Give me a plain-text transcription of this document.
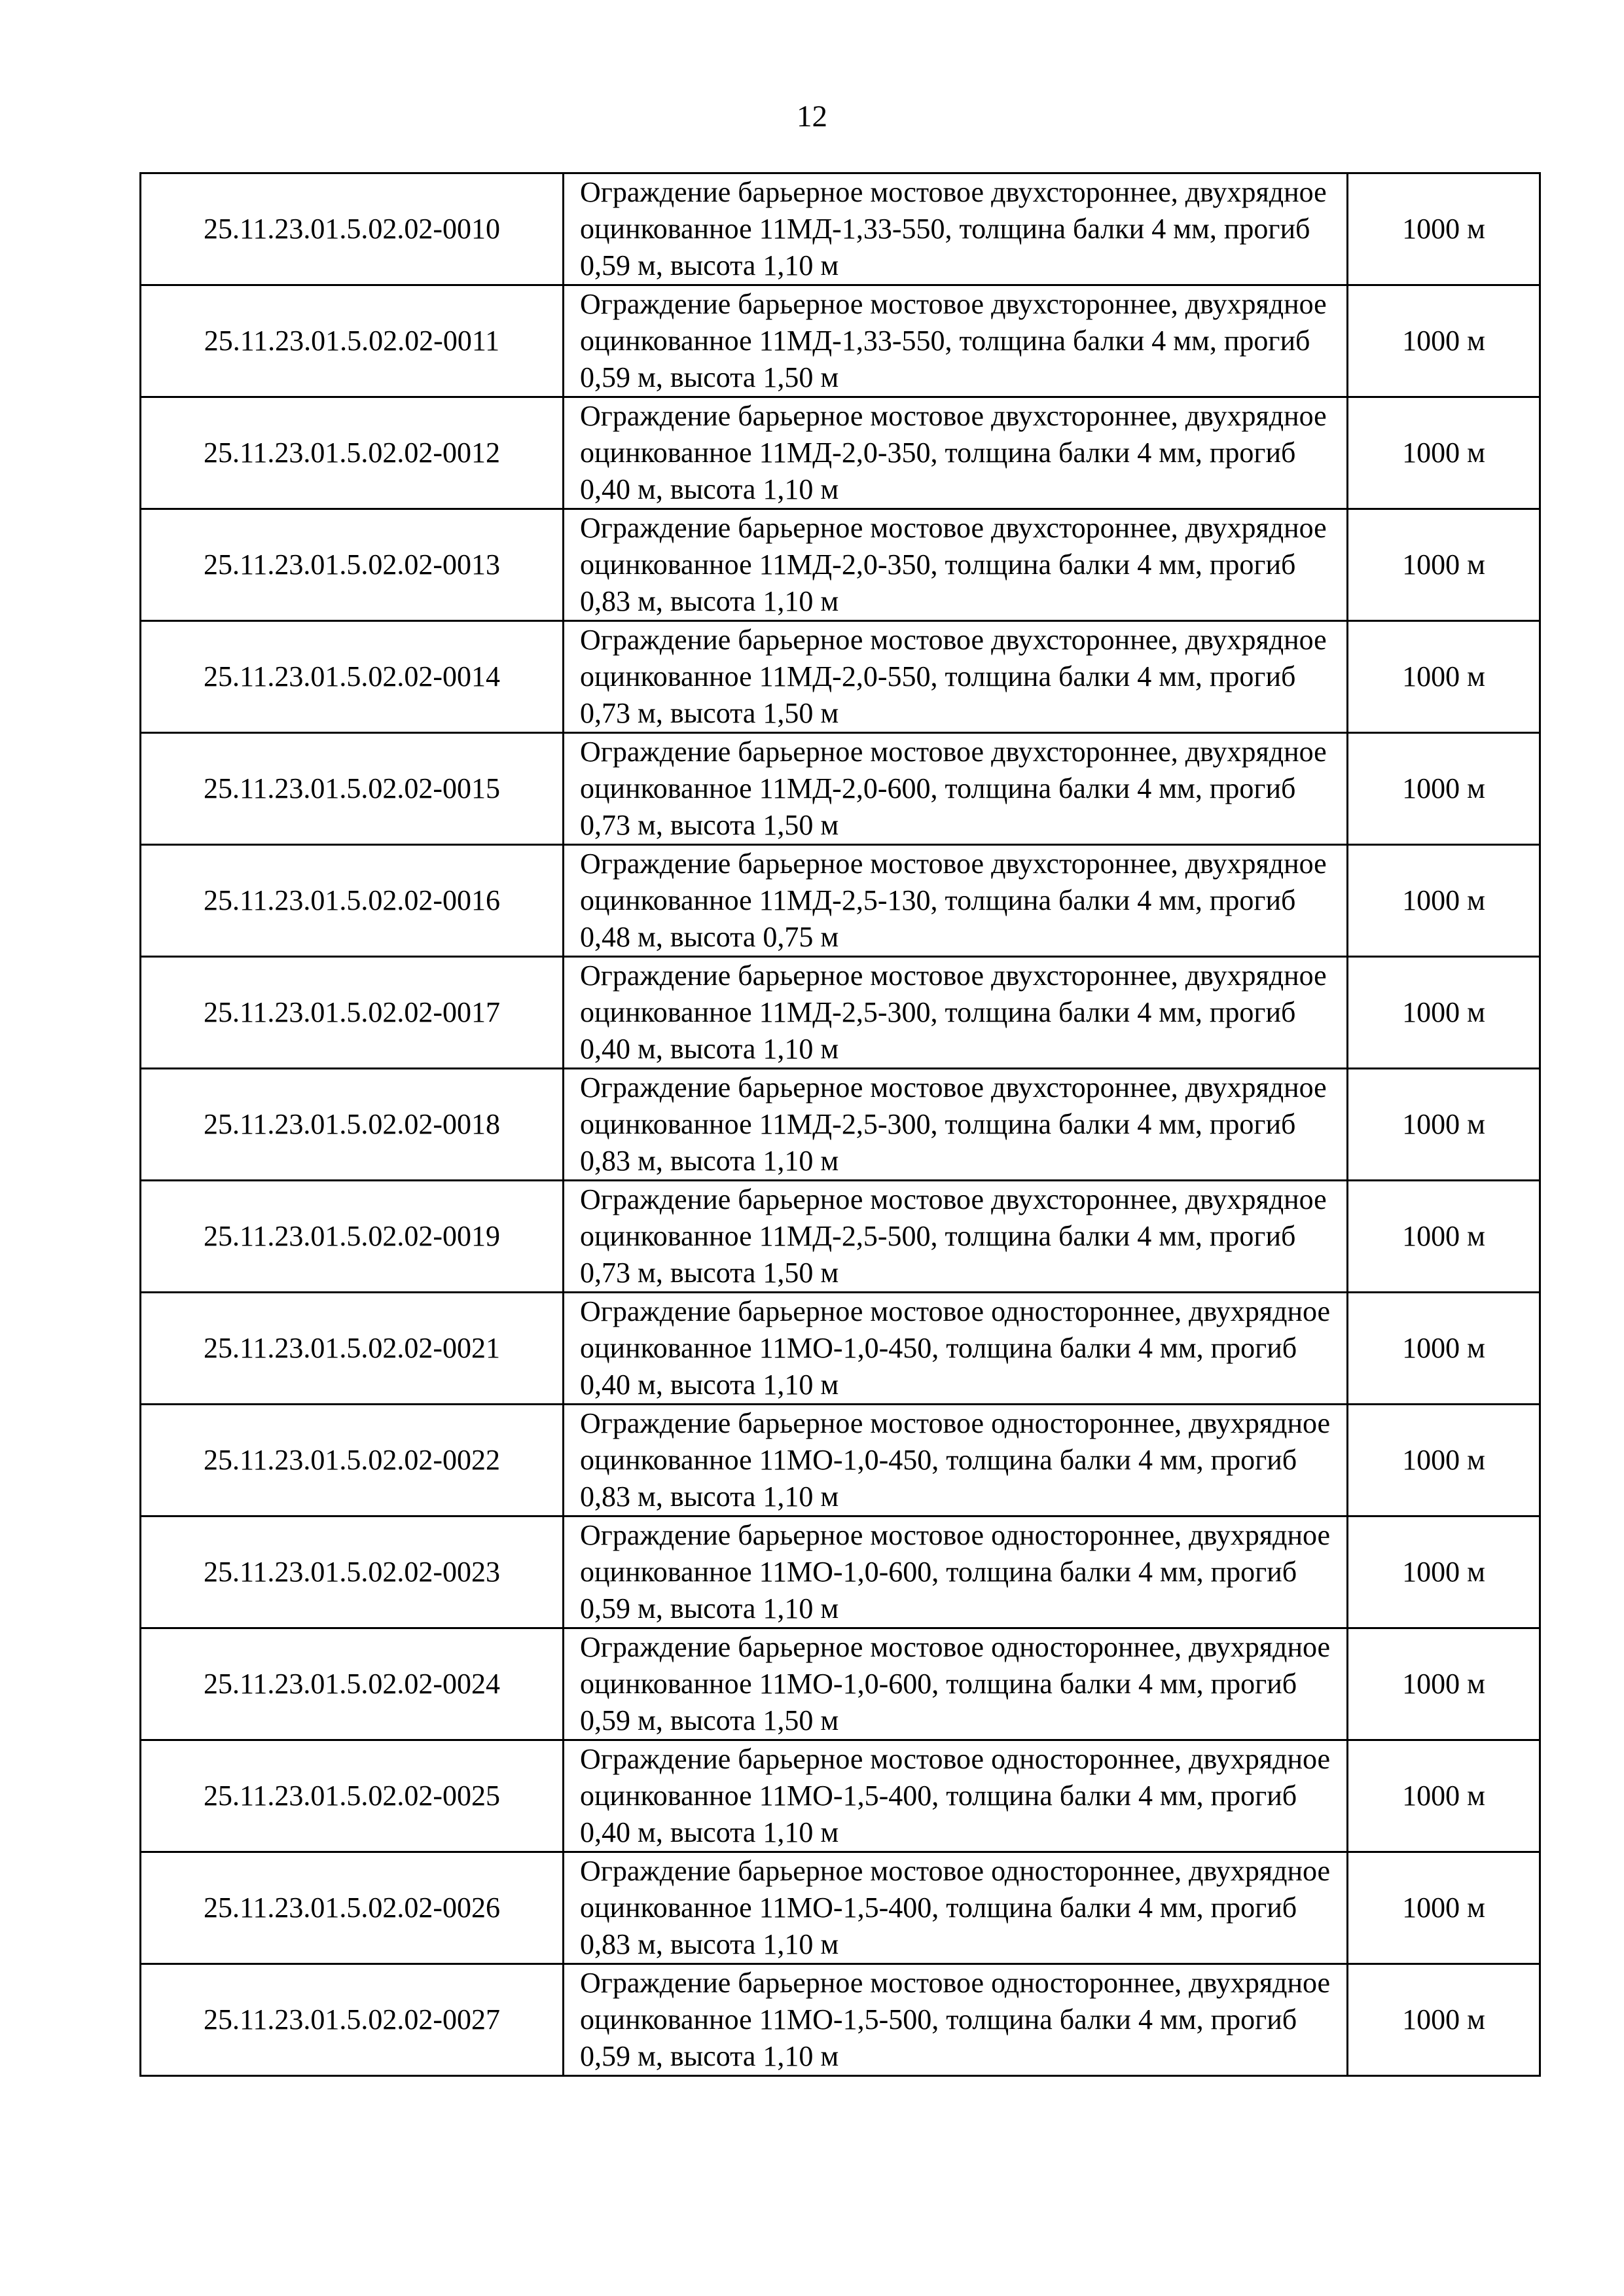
12
25.11.23.01.5.02.02-0010	Ограждение барьерное мостовое двухстороннее, двухрядное оцинкованное 11МД-1,33-550, толщина балки 4 мм, прогиб 0,59 м, высота 1,10 м	1000 м
25.11.23.01.5.02.02-0011	Ограждение барьерное мостовое двухстороннее, двухрядное оцинкованное 11МД-1,33-550, толщина балки 4 мм, прогиб 0,59 м, высота 1,50 м	1000 м
25.11.23.01.5.02.02-0012	Ограждение барьерное мостовое двухстороннее, двухрядное оцинкованное 11МД-2,0-350, толщина балки 4 мм, прогиб 0,40 м, высота 1,10 м	1000 м
25.11.23.01.5.02.02-0013	Ограждение барьерное мостовое двухстороннее, двухрядное оцинкованное 11МД-2,0-350, толщина балки 4 мм, прогиб 0,83 м, высота 1,10 м	1000 м
25.11.23.01.5.02.02-0014	Ограждение барьерное мостовое двухстороннее, двухрядное оцинкованное 11МД-2,0-550, толщина балки 4 мм, прогиб 0,73 м, высота 1,50 м	1000 м
25.11.23.01.5.02.02-0015	Ограждение барьерное мостовое двухстороннее, двухрядное оцинкованное 11МД-2,0-600, толщина балки 4 мм, прогиб 0,73 м, высота 1,50 м	1000 м
25.11.23.01.5.02.02-0016	Ограждение барьерное мостовое двухстороннее, двухрядное оцинкованное 11МД-2,5-130, толщина балки 4 мм, прогиб 0,48 м, высота 0,75 м	1000 м
25.11.23.01.5.02.02-0017	Ограждение барьерное мостовое двухстороннее, двухрядное оцинкованное 11МД-2,5-300, толщина балки 4 мм, прогиб 0,40 м, высота 1,10 м	1000 м
25.11.23.01.5.02.02-0018	Ограждение барьерное мостовое двухстороннее, двухрядное оцинкованное 11МД-2,5-300, толщина балки 4 мм, прогиб 0,83 м, высота 1,10 м	1000 м
25.11.23.01.5.02.02-0019	Ограждение барьерное мостовое двухстороннее, двухрядное оцинкованное 11МД-2,5-500, толщина балки 4 мм, прогиб 0,73 м, высота 1,50 м	1000 м
25.11.23.01.5.02.02-0021	Ограждение барьерное мостовое одностороннее, двухрядное оцинкованное 11МО-1,0-450, толщина балки 4 мм, прогиб 0,40 м, высота 1,10 м	1000 м
25.11.23.01.5.02.02-0022	Ограждение барьерное мостовое одностороннее, двухрядное оцинкованное 11МО-1,0-450, толщина балки 4 мм, прогиб 0,83 м, высота 1,10 м	1000 м
25.11.23.01.5.02.02-0023	Ограждение барьерное мостовое одностороннее, двухрядное оцинкованное 11МО-1,0-600, толщина балки 4 мм, прогиб 0,59 м, высота 1,10 м	1000 м
25.11.23.01.5.02.02-0024	Ограждение барьерное мостовое одностороннее, двухрядное оцинкованное 11МО-1,0-600, толщина балки 4 мм, прогиб 0,59 м, высота 1,50 м	1000 м
25.11.23.01.5.02.02-0025	Ограждение барьерное мостовое одностороннее, двухрядное оцинкованное 11МО-1,5-400, толщина балки 4 мм, прогиб 0,40 м, высота 1,10 м	1000 м
25.11.23.01.5.02.02-0026	Ограждение барьерное мостовое одностороннее, двухрядное оцинкованное 11МО-1,5-400, толщина балки 4 мм, прогиб 0,83 м, высота 1,10 м	1000 м
25.11.23.01.5.02.02-0027	Ограждение барьерное мостовое одностороннее, двухрядное оцинкованное 11МО-1,5-500, толщина балки 4 мм, прогиб 0,59 м, высота 1,10 м	1000 м
